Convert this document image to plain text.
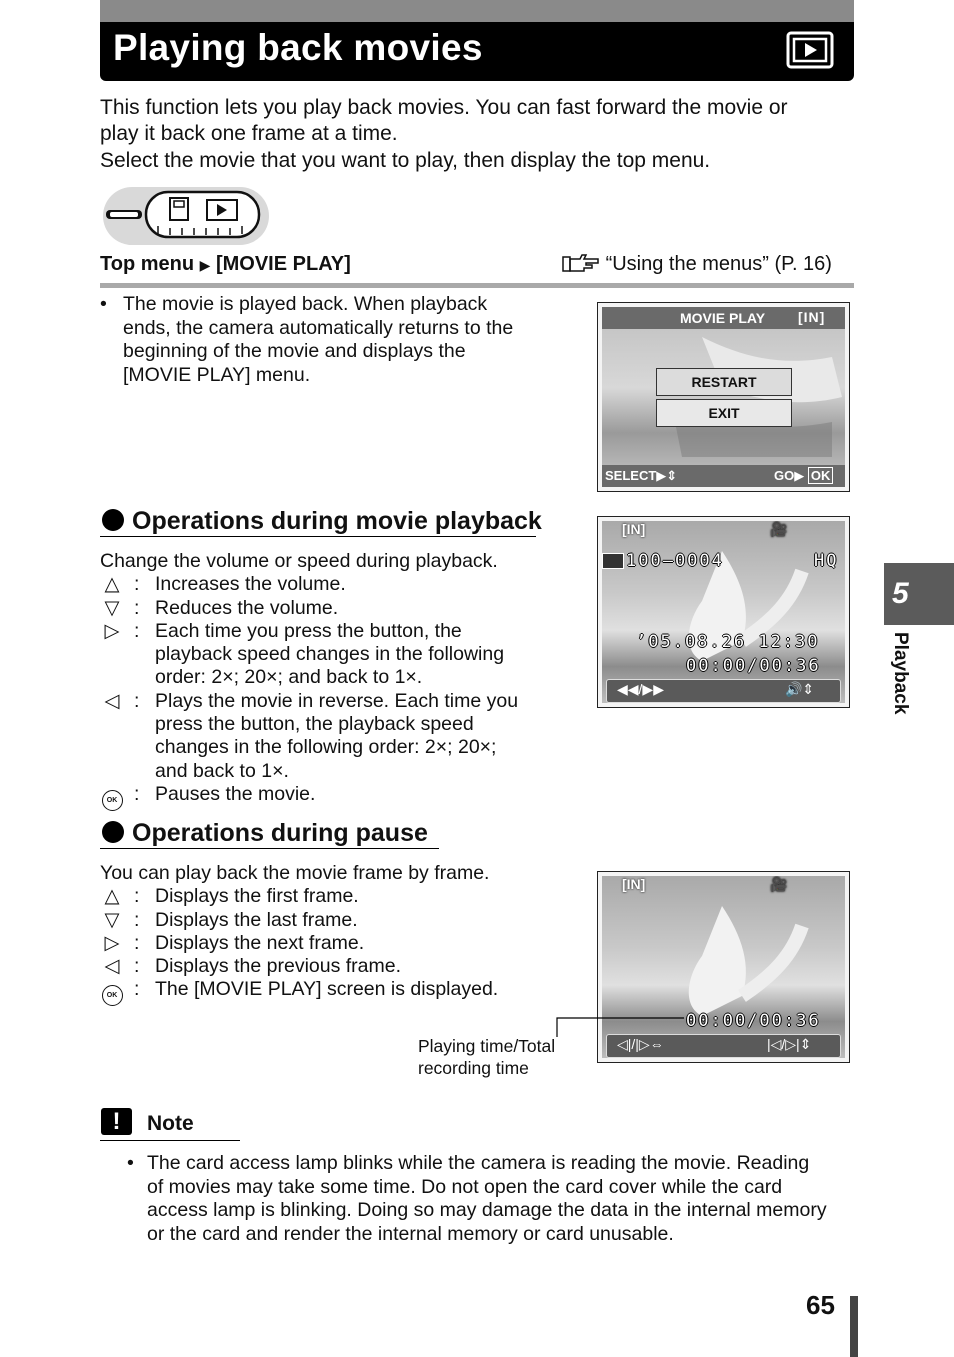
Playing back movies
This function lets you play back movies. You can fast forward the movie or
play it back one frame at a time.
Select the movie that you want to play, then display the top menu.
Top menu ▶ [MOVIE PLAY]	“Using the menus” (P. 16)
• The movie is played back. When playback
ends, the camera automatically returns to the
beginning of the movie and displays the
[MOVIE PLAY] menu.
MOVIE PLAY [IN]
RESTART
EXIT
SELECT▶⇕	GO▶ OK
Operations during movie playback
Change the volume or speed during playback.
△ : Increases the volume.
▽ : Reduces the volume.
▷ : Each time you press the button, the
playback speed changes in the following
order: 2×; 20×; and back to 1×.
◁ : Plays the movie in reverse. Each time you
press the button, the playback speed
changes in the following order: 2×; 20×;
and back to 1×.
OK : Pauses the movie.
[IN]	🎥
100–0004	HQ
’05.08.26 12:30
00:00/00:36
◀◀/▶▶	🔊⇕
Operations during pause
You can play back the movie frame by frame.
△ : Displays the first frame.
▽ : Displays the last frame.
▷ : Displays the next frame.
◁ : Displays the previous frame.
OK : The [MOVIE PLAY] screen is displayed.
[IN]	🎥
00:00/00:36
◁|/|▷⇔	|◁/▷|⇕
Playing time/Total
recording time
!	Note
• The card access lamp blinks while the camera is reading the movie. Reading
of movies may take some time. Do not open the card cover while the card
access lamp is blinking. Doing so may damage the data in the internal memory
or the card and render the internal memory or card unusable.
5
Playback
65
